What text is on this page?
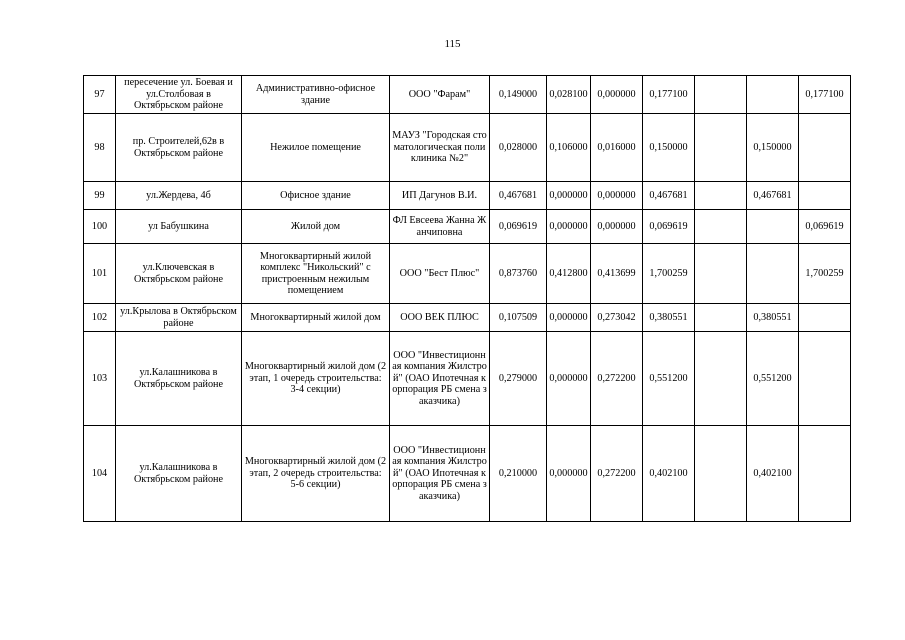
115
97	пересечение ул. Боевая и ул.Столбовая в Октябрьском районе	Административно-офисное здание	ООО "Фарам"	0,149000	0,028100	0,000000	0,177100			0,177100
98	пр. Строителей,62в в Октябрьском районе	Нежилое помещение	МАУЗ "Городская стоматологическая поликлиника №2"	0,028000	0,106000	0,016000	0,150000		0,150000	
99	ул.Жердева, 4б	Офисное здание	ИП Дагунов В.И.	0,467681	0,000000	0,000000	0,467681		0,467681	
100	ул Бабушкина	Жилой дом	ФЛ Евсеева Жанна Жанчиповна	0,069619	0,000000	0,000000	0,069619			0,069619
101	ул.Ключевская в Октябрьском районе	Многоквартирный жилой комплекс "Никольский" с пристроенным нежилым помещением	ООО "Бест Плюс"	0,873760	0,412800	0,413699	1,700259			1,700259
102	ул.Крылова в Октябрьском районе	Многоквартирный жилой дом	ООО ВЕК ПЛЮС	0,107509	0,000000	0,273042	0,380551		0,380551	
103	ул.Калашникова в Октябрьском районе	Многоквартирный жилой дом (2 этап, 1 очередь строительства: 3-4 секции)	ООО "Инвестиционная компания Жилстрой" (ОАО Ипотечная корпорация РБ смена заказчика)	0,279000	0,000000	0,272200	0,551200		0,551200	
104	ул.Калашникова в Октябрьском районе	Многоквартирный жилой дом (2 этап, 2 очередь строительства: 5-6 секции)	ООО "Инвестиционная компания Жилстрой" (ОАО Ипотечная корпорация РБ смена заказчика)	0,210000	0,000000	0,272200	0,402100		0,402100	
